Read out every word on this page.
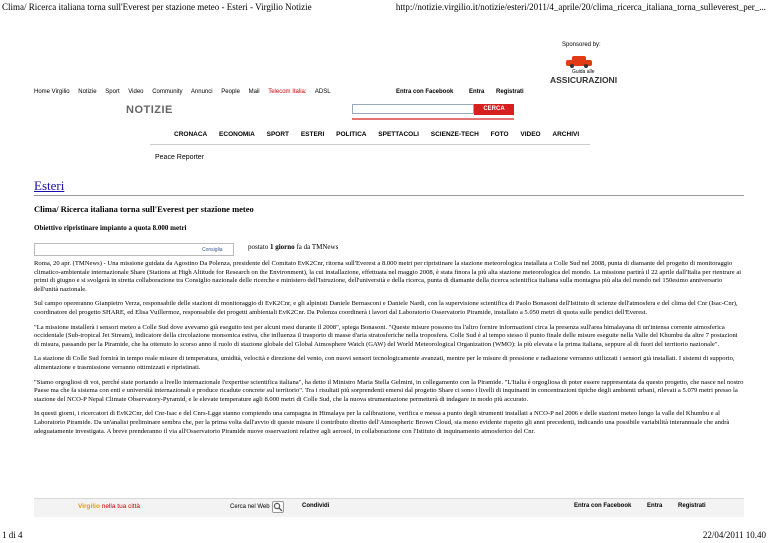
Clima/ Ricerca italiana torna sull'Everest per stazione meteo - Esteri - Virgilio Notizie	http://notizie.virgilio.it/notizie/esteri/2011/4_aprile/20/clima_ricerca_italiana_torna_sulleverest_per_...
Sponsored by:
Guida alle
ASSICURAZIONI
Home Virgilio Notizie Sport Video Community Annunci People Mail Telecom Italia: ADSL	Entra con Facebook	Entra Registrati
NOTIZIE	CERCA
CRONACA ECONOMIA SPORT ESTERI POLITICA SPETTACOLI SCIENZE-TECH FOTO VIDEO ARCHIVI
Peace Reporter
Esteri
Clima/ Ricerca italiana torna sull'Everest per stazione meteo
Obiettivo ripristinare impianto a quota 8.000 metri
Consiglia	postato 1 giorno fa da TMNews

Roma, 20 apr. (TMNews) - Una missione guidata da Agostino Da Polenza, presidente del Comitato EvK2Cnr, ritorna sull'Everest a 8.000 metri per ripristinare la stazione meteorologica installata a Colle Sud nel 2008, punta di diamante del progetto di monitoraggio climatico-ambientale internazionale Share (Stations at High Altitude for Research on the Environment), la cui installazione, effettuata nel maggio 2008, è stata finora la più alta stazione meteorologica del mondo. La missione partirà il 22 aprile dall'Italia per rientrare ai primi di giugno e si svolgerà in stretta collaborazione tra Consiglio nazionale delle ricerche e ministero dell'Istruzione, dell'università e della ricerca, punta di diamante della ricerca scientifica italiana sulla montagna più alta del mondo nel 150esimo anniversario dell'unità nazionale.

Sul campo opereranno Gianpietro Verza, responsabile delle stazioni di monitoraggio di EvK2Cnr, e gli alpinisti Daniele Bernasconi e Daniele Nardi, con la supervisione scientifica di Paolo Bonasoni dell'Istituto di scienze dell'atmosfera e del clima del Cnr (Isac-Cnr), coordinatore del progetto SHARE, ed Elisa Vuillermoz, responsabile dei progetti ambientali EvK2Cnr. Da Polenza coordinerà i lavori dal Laboratorio Osservatorio Piramide, installato a 5.050 metri di quota sulle pendici dell'Everest.

"La missione installerà i sensori meteo a Colle Sud dove avevamo già eseguito test per alcuni mesi durante il 2008", spiega Bonasoni. "Queste misure possono tra l'altro fornire informazioni circa la presenza sull'area himalayana di un'intensa corrente atmosferica occidentale (Sub-tropical Jet Stream), indicatore della circolazione monsonica estiva, che influenza il trasporto di masse d'aria stratosferiche nella troposfera. Colle Sud è al tempo stesso il punto finale delle misure eseguite nella Valle del Khumbu da altre 7 postazioni di misura, passando per la Piramide, che ha ottenuto lo scorso anno il ruolo di stazione globale del Global Atmosphere Watch (GAW) del World Meteorological Organization (WMO): la più elevata e la prima italiana, seppure al di fuori del territorio nazionale".

La stazione di Colle Sud fornirà in tempo reale misure di temperatura, umidità, velocità e direzione del vento, con nuovi sensori tecnologicamente avanzati, mentre per le misure di pressione e radiazione verranno utilizzati i sensori già installati. I sistemi di supporto, alimentazione e trasmissione verranno ottimizzati e ripristinati.

"Siamo orgogliosi di voi, perché state portando a livello internazionale l'expertise scientifica italiana", ha detto il Ministro Maria Stella Gelmini, in collegamento con la Piramide. "L'Italia è orgogliosa di poter essere rappresentata da questo progetto, che nasce nel nostro Paese ma che fa sistema con enti e università internazionali e produce ricadute concrete sul territorio". Tra i risultati più sorprendenti emersi dal progetto Share ci sono i livelli di inquinanti in concentrazioni tipiche degli ambienti urbani, rilevati a 5.079 metri presso la stazione del NCO-P Nepal Climate Observatory-Pyramid, e le elevate temperature agli 8.000 metri di Colle Sud, che la nuova strumentazione permetterà di indagare in modo più accurato.

In questi giorni, i ricercatori di EvK2Cnr, del Cnr-Isac e del Cnrs-Lgge stanno compiendo una campagna in Himalaya per la calibrazione, verifica e messa a punto degli strumenti installati a NCO-P nel 2006 e delle stazioni meteo lungo la valle del Khumbu e al Laboratorio Piramide. Da un'analisi preliminare sembra che, per la prima volta dall'avvio di queste misure il contributo diretto dell'Atmospheric Brown Cloud, sia meno evidente rispetto gli anni precedenti, indicando una possibile variabilità interannuale che andrà adeguatamente investigata. A breve prenderanno il via all'Osservatorio Piramide nuove osservazioni relative agli aerosol, in collaborazione con l'Istituto di inquinamento atmosferico del Cnr.

Virgilio nella tua città	Cerca nel Web	Condividi	Entra con Facebook	Entra	Registrati
1 di 4	22/04/2011 10.40
